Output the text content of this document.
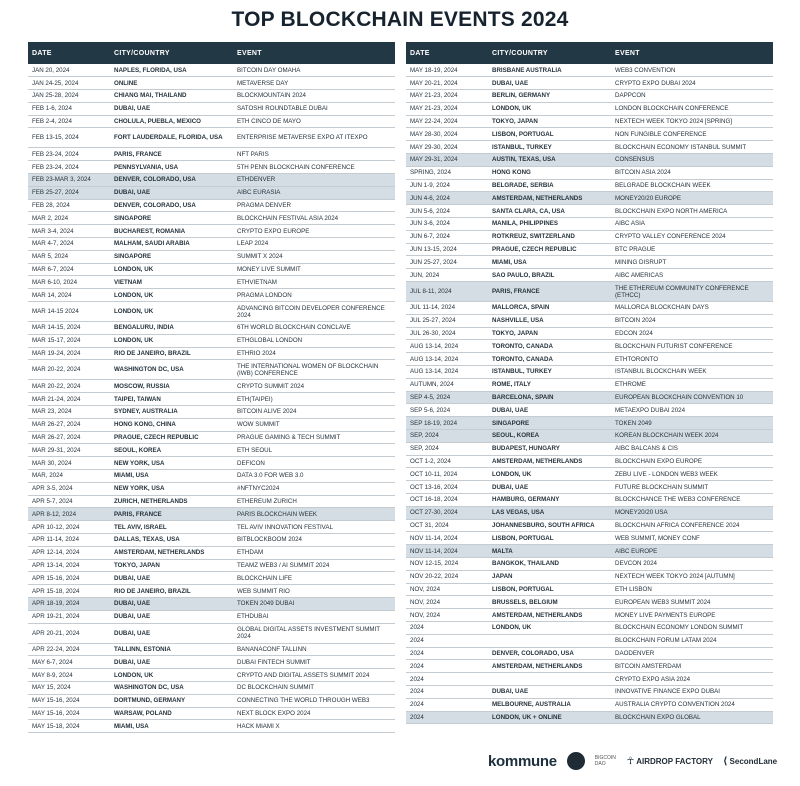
TOP BLOCKCHAIN EVENTS 2024
DATE	CITY/COUNTRY	EVENT
JAN 20, 2024	NAPLES, FLORIDA, USA	BITCOIN DAY OMAHA
JAN 24-25, 2024	ONLINE	METAVERSE DAY
JAN 25-28, 2024	CHIANG MAI, THAILAND	BLOCKMOUNTAIN 2024
FEB 1-6, 2024	DUBAI, UAE	SATOSHI ROUNDTABLE DUBAI
FEB 2-4, 2024	CHOLULA, PUEBLA, MEXICO	ETH CINCO DE MAYO
FEB 13-15, 2024	FORT LAUDERDALE, FLORIDA, USA	ENTERPRISE METAVERSE EXPO AT ITEXPO
FEB 23-24, 2024	PARIS, FRANCE	NFT PARIS
FEB 23-24, 2024	PENNSYLVANIA, USA	5TH PENN BLOCKCHAIN CONFERENCE
FEB 23-MAR 3, 2024	DENVER, COLORADO, USA	ETHDENVER
FEB 25-27, 2024	DUBAI, UAE	AIBC EURASIA
FEB 28, 2024	DENVER, COLORADO, USA	PRAGMA DENVER
MAR 2, 2024	SINGAPORE	BLOCKCHAIN FESTIVAL ASIA 2024
MAR 3-4, 2024	BUCHAREST, ROMANIA	CRYPTO EXPO EUROPE
MAR 4-7, 2024	MALHAM, SAUDI ARABIA	LEAP 2024
MAR 5, 2024	SINGAPORE	SUMMIT X 2024
MAR 6-7, 2024	LONDON, UK	MONEY LIVE SUMMIT
MAR 6-10, 2024	VIETNAM	ETHVIETNAM
MAR 14, 2024	LONDON, UK	PRAGMA LONDON
MAR 14-15 2024	LONDON, UK	ADVANCING BITCOIN DEVELOPER CONFERENCE 2024
MAR 14-15, 2024	BENGALURU, INDIA	6TH WORLD BLOCKCHAIN CONCLAVE
MAR 15-17, 2024	LONDON, UK	ETHGLOBAL LONDON
MAR 19-24, 2024	RIO DE JANEIRO, BRAZIL	ETHRIO 2024
MAR 20-22, 2024	WASHINGTON DC, USA	THE INTERNATIONAL WOMEN OF BLOCKCHAIN (IWB) CONFERENCE
MAR 20-22, 2024	MOSCOW, RUSSIA	CRYPTO SUMMIT 2024
MAR 21-24, 2024	TAIPEI, TAIWAN	ETH(TAIPEI)
MAR 23, 2024	SYDNEY, AUSTRALIA	BITCOIN ALIVE 2024
MAR 26-27, 2024	HONG KONG, CHINA	WOW SUMMIT
MAR 26-27, 2024	PRAGUE, CZECH REPUBLIC	PRAGUE GAMING & TECH SUMMIT
MAR 29-31, 2024	SEOUL, KOREA	ETH SEOUL
MAR 30, 2024	NEW YORK, USA	DEFICON
MAR, 2024	MIAMI, USA	DATA 3.0 FOR WEB 3.0
APR 3-5, 2024	NEW YORK, USA	#NFTNYC2024
APR 5-7, 2024	ZURICH, NETHERLANDS	ETHEREUM ZURICH
APR 8-12, 2024	PARIS, FRANCE	PARIS BLOCKCHAIN WEEK
APR 10-12, 2024	TEL AVIV, ISRAEL	TEL AVIV INNOVATION FESTIVAL
APR 11-14, 2024	DALLAS, TEXAS, USA	BITBLOCKBOOM 2024
APR 12-14, 2024	AMSTERDAM, NETHERLANDS	ETHDAM
APR 13-14, 2024	TOKYO, JAPAN	TEAMZ WEB3 / AI SUMMIT 2024
APR 15-16, 2024	DUBAI, UAE	BLOCKCHAIN LIFE
APR 15-18, 2024	RIO DE JANEIRO, BRAZIL	WEB SUMMIT RIO
APR 18-19, 2024	DUBAI, UAE	TOKEN 2049 DUBAI
APR 19-21, 2024	DUBAI, UAE	ETHDUBAI
APR 20-21, 2024	DUBAI, UAE	GLOBAL DIGITAL ASSETS INVESTMENT SUMMIT 2024
APR 22-24, 2024	TALLINN, ESTONIA	BANANACONF TALLINN
MAY 6-7, 2024	DUBAI, UAE	DUBAI FINTECH SUMMIT
MAY 8-9, 2024	LONDON, UK	CRYPTO AND DIGITAL ASSETS SUMMIT 2024
MAY 15, 2024	WASHINGTON DC, USA	DC BLOCKCHAIN SUMMIT
MAY 15-16, 2024	DORTMUND, GERMANY	CONNECTING THE WORLD THROUGH WEB3
MAY 15-16, 2024	WARSAW, POLAND	NEXT BLOCK EXPO 2024
MAY 15-18, 2024	MIAMI, USA	HACK MIAMI X
DATE	CITY/COUNTRY	EVENT
MAY 18-19, 2024	BRISBANE AUSTRALIA	WEB3 CONVENTION
MAY 20-21, 2024	DUBAI, UAE	CRYPTO EXPO DUBAI 2024
MAY 21-23, 2024	BERLIN, GERMANY	DAPPCON
MAY 21-23, 2024	LONDON, UK	LONDON BLOCKCHAIN CONFERENCE
MAY 22-24, 2024	TOKYO, JAPAN	NEXTECH WEEK TOKYO 2024 [SPRING]
MAY 28-30, 2024	LISBON, PORTUGAL	NON FUNGIBLE CONFERENCE
MAY 29-30, 2024	ISTANBUL, TURKEY	BLOCKCHAIN ECONOMY ISTANBUL SUMMIT
MAY 29-31, 2024	AUSTIN, TEXAS, USA	CONSENSUS
SPRING, 2024	HONG KONG	BITCOIN ASIA 2024
JUN 1-9, 2024	BELGRADE, SERBIA	BELGRADE BLOCKCHAIN WEEK
JUN 4-6, 2024	AMSTERDAM, NETHERLANDS	MONEY20/20 EUROPE
JUN 5-6, 2024	SANTA CLARA, CA, USA	BLOCKCHAIN EXPO NORTH AMERICA
JUN 3-6, 2024	MANILA, PHILIPPINES	AIBC ASIA
JUN 6-7, 2024	ROTKREUZ, SWITZERLAND	CRYPTO VALLEY CONFERENCE 2024
JUN 13-15, 2024	PRAGUE, CZECH REPUBLIC	BTC PRAGUE
JUN 25-27, 2024	MIAMI, USA	MINING DISRUPT
JUN, 2024	SAO PAULO, BRAZIL	AIBC AMERICAS
JUL 8-11, 2024	PARIS, FRANCE	THE ETHEREUM COMMUNITY CONFERENCE (ETHCC)
JUL 11-14, 2024	MALLORCA, SPAIN	MALLORCA BLOCKCHAIN DAYS
JUL 25-27, 2024	NASHVILLE, USA	BITCOIN 2024
JUL 26-30, 2024	TOKYO, JAPAN	EDCON 2024
AUG 13-14, 2024	TORONTO, CANADA	BLOCKCHAIN FUTURIST CONFERENCE
AUG 13-14, 2024	TORONTO, CANADA	ETHTORONTO
AUG 13-14, 2024	ISTANBUL, TURKEY	ISTANBUL BLOCKCHAIN WEEK
AUTUMN, 2024	ROME, ITALY	ETHROME
SEP 4-5, 2024	BARCELONA, SPAIN	EUROPEAN BLOCKCHAIN CONVENTION 10
SEP 5-6, 2024	DUBAI, UAE	METAEXPO DUBAI 2024
SEP 18-19, 2024	SINGAPORE	TOKEN 2049
SEP, 2024	SEOUL, KOREA	KOREAN BLOCKCHAIN WEEK 2024
SEP, 2024	BUDAPEST, HUNGARY	AIBC BALCANS & CIS
OCT 1-2, 2024	AMSTERDAM, NETHERLANDS	BLOCKCHAIN EXPO EUROPE
OCT 10-11, 2024	LONDON, UK	ZEBU LIVE - LONDON WEB3 WEEK
OCT 13-16, 2024	DUBAI, UAE	FUTURE BLOCKCHAIN SUMMIT
OCT 16-18, 2024	HAMBURG, GERMANY	BLOCKCHANCE THE WEB3 CONFERENCE
OCT 27-30, 2024	LAS VEGAS, USA	MONEY20/20 USA
OCT 31, 2024	JOHANNESBURG, SOUTH AFRICA	BLOCKCHAIN AFRICA CONFERENCE 2024
NOV 11-14, 2024	LISBON, PORTUGAL	WEB SUMMIT, MONEY CONF
NOV 11-14, 2024	MALTA	AIBC EUROPE
NOV 12-15, 2024	BANGKOK, THAILAND	DEVCON 2024
NOV 20-22, 2024	JAPAN	NEXTECH WEEK TOKYO 2024 [AUTUMN]
NOV, 2024	LISBON, PORTUGAL	ETH LISBON
NOV, 2024	BRUSSELS, BELGIUM	EUROPEAN WEB3 SUMMIT 2024
NOV, 2024	AMSTERDAM, NETHERLANDS	MONEY LIVE PAYMENTS EUROPE
2024	LONDON, UK	BLOCKCHAIN ECONOMY LONDON SUMMIT
2024		BLOCKCHAIN FORUM LATAM 2024
2024	DENVER, COLORADO, USA	DAODENVER
2024	AMSTERDAM, NETHERLANDS	BITCOIN AMSTERDAM
2024		CRYPTO EXPO ASIA 2024
2024	DUBAI, UAE	INNOVATIVE FINANCE EXPO DUBAI
2024	MELBOURNE, AUSTRALIA	AUSTRALIA CRYPTO CONVENTION 2024
2024	LONDON, UK + ONLINE	BLOCKCHAIN EXPO GLOBAL
kommune	BIGCOIN DAO	☥ AIRDROP FACTORY ⟨ SecondLane
